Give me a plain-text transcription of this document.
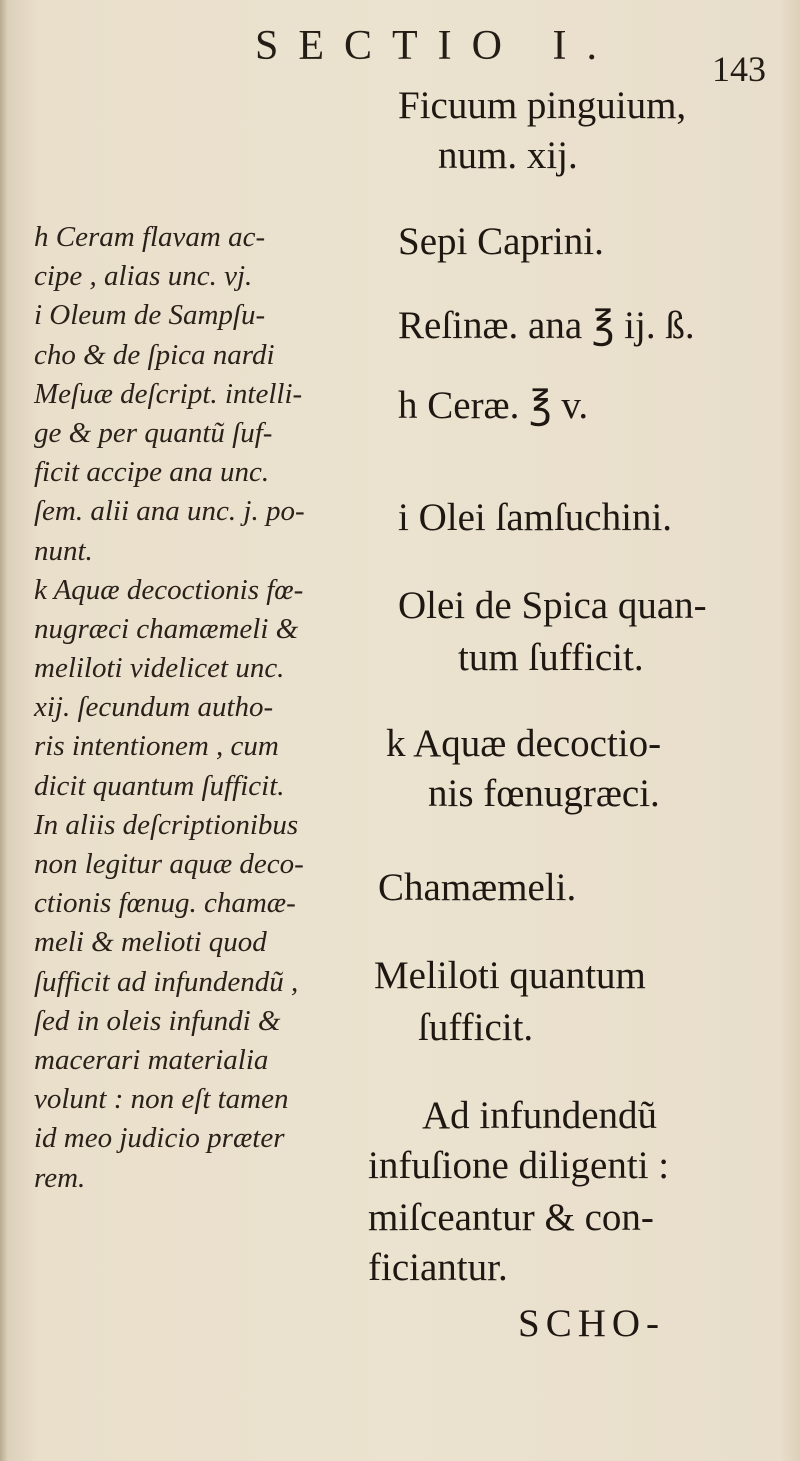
SECTIO I.	143
h Ceram flavam ac-
cipe , alias unc. vj.
i Oleum de Sampſu-
cho & de ſpica nardi
Meſuæ deſcript. intelli-
ge & per quantũ ſuf-
ficit accipe ana unc.
ſem. alii ana unc. j. po-
nunt.
k Aquæ decoctionis fœ-
nugræci chamæmeli &
meliloti videlicet unc.
xij. ſecundum autho-
ris intentionem , cum
dicit quantum ſufficit.
In aliis deſcriptionibus
non legitur aquæ deco-
ctionis fœnug. chamæ-
meli & melioti quod
ſufficit ad infundendũ ,
ſed in oleis infundi &
macerari materialia
volunt : non eſt tamen
id meo judicio præter
rem.
Ficuum pinguium,
num. xij.
Sepi Caprini.
Reſinæ. ana ℥ ij. ß.
h Ceræ. ℥ v.
i Olei ſamſuchini.
Olei de Spica quan-
tum ſufficit.
k Aquæ decoctio-
nis fœnugræci.
Chamæmeli.
Meliloti quantum
ſufficit.
Ad infundendũ
infuſione diligenti :
miſceantur & con-
ficiantur.
SCHO-
